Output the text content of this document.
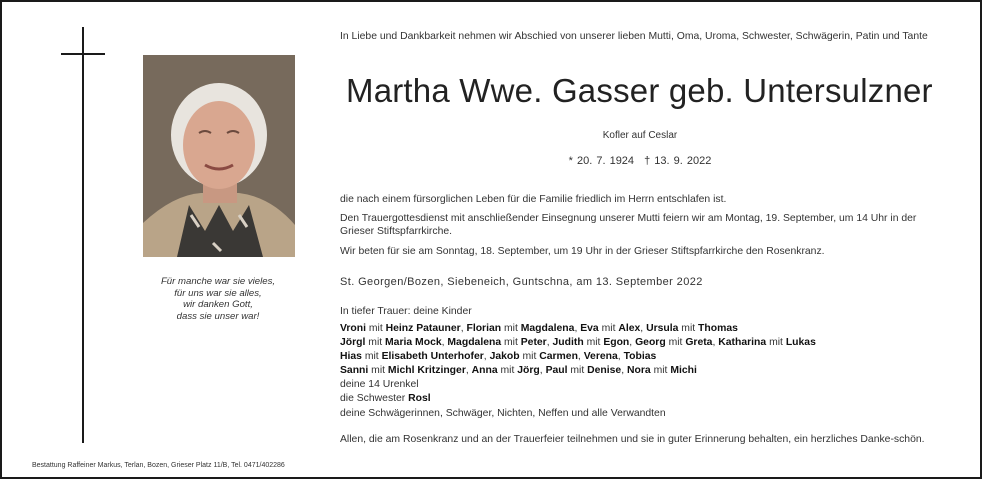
Für manche war sie vieles,
für uns war sie alles,
wir danken Gott,
dass sie unser war!
Bestattung Raffeiner Markus, Terlan, Bozen, Grieser Platz 11/B, Tel. 0471/402286
In Liebe und Dankbarkeit nehmen wir Abschied von unserer lieben Mutti, Oma, Uroma, Schwester, Schwägerin, Patin und Tante
Martha Wwe. Gasser geb. Untersulzner
Kofler auf Ceslar
* 20. 7. 1924 † 13. 9. 2022
die nach einem fürsorglichen Leben für die Familie friedlich im Herrn entschlafen ist.
Den Trauergottesdienst mit anschließender Einsegnung unserer Mutti feiern wir am Montag, 19. September, um 14 Uhr in der Grieser Stiftspfarrkirche.
Wir beten für sie am Sonntag, 18. September, um 19 Uhr in der Grieser Stiftspfarrkirche den Rosenkranz.
St. Georgen/Bozen, Siebeneich, Guntschna, am 13. September 2022
In tiefer Trauer: deine Kinder
Vroni mit Heinz Patauner, Florian mit Magdalena, Eva mit Alex, Ursula mit Thomas
Jörgl mit Maria Mock, Magdalena mit Peter, Judith mit Egon, Georg mit Greta, Katharina mit Lukas
Hias mit Elisabeth Unterhofer, Jakob mit Carmen, Verena, Tobias
Sanni mit Michl Kritzinger, Anna mit Jörg, Paul mit Denise, Nora mit Michi
deine 14 Urenkel
die Schwester Rosl
deine Schwägerinnen, Schwäger, Nichten, Neffen und alle Verwandten
Allen, die am Rosenkranz und an der Trauerfeier teilnehmen und sie in guter Erinnerung behalten, ein herzliches Danke-schön.
